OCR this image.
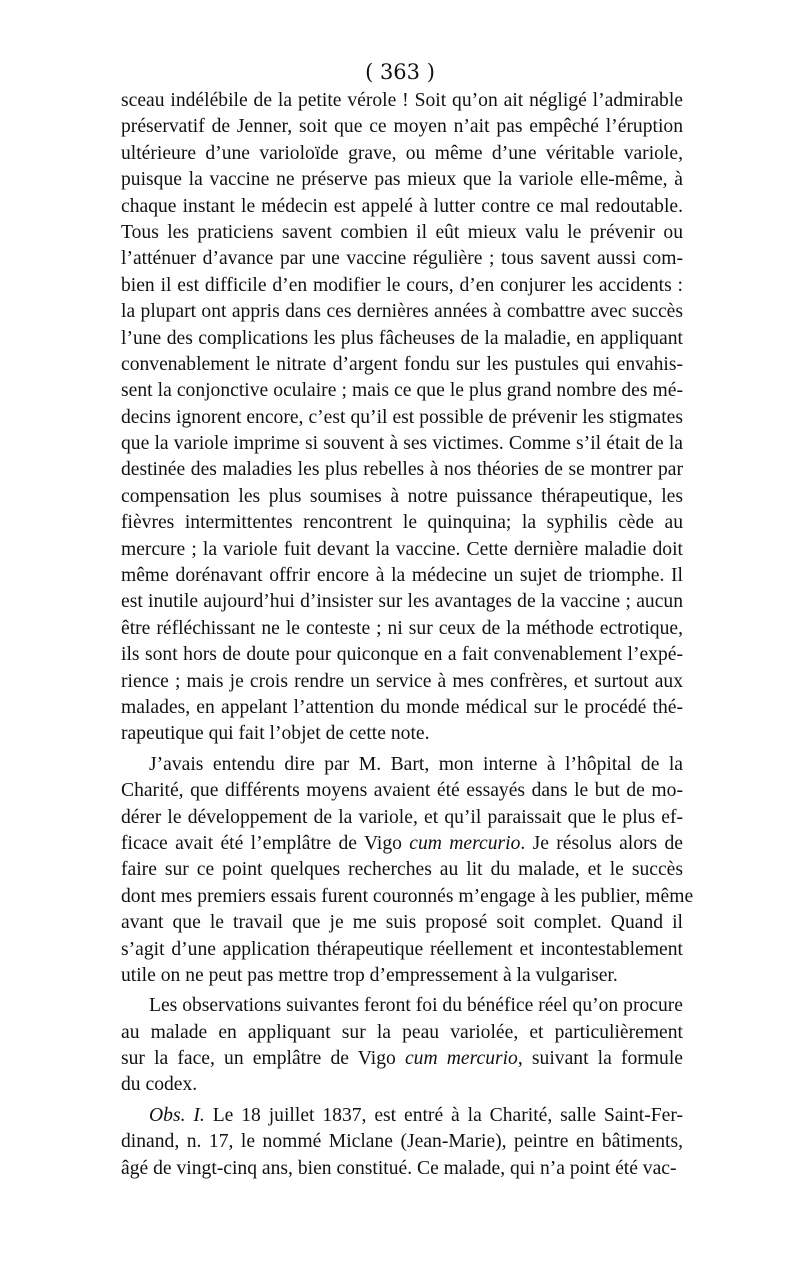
( 363 )
sceau indélébile de la petite vérole ! Soit qu’on ait négligé l’admirable
préservatif de Jenner, soit que ce moyen n’ait pas empêché l’éruption
ultérieure d’une varioloïde grave, ou même d’une véritable variole,
puisque la vaccine ne préserve pas mieux que la variole elle-même, à
chaque instant le médecin est appelé à lutter contre ce mal redoutable.
Tous les praticiens savent combien il eût mieux valu le prévenir ou
l’atténuer d’avance par une vaccine régulière ; tous savent aussi com-
bien il est difficile d’en modifier le cours, d’en conjurer les accidents :
la plupart ont appris dans ces dernières années à combattre avec succès
l’une des complications les plus fâcheuses de la maladie, en appliquant
convenablement le nitrate d’argent fondu sur les pustules qui envahis-
sent la conjonctive oculaire ; mais ce que le plus grand nombre des mé-
decins ignorent encore, c’est qu’il est possible de prévenir les stigmates
que la variole imprime si souvent à ses victimes. Comme s’il était de la
destinée des maladies les plus rebelles à nos théories de se montrer par
compensation les plus soumises à notre puissance thérapeutique, les
fièvres intermittentes rencontrent le quinquina; la syphilis cède au
mercure ; la variole fuit devant la vaccine. Cette dernière maladie doit
même dorénavant offrir encore à la médecine un sujet de triomphe. Il
est inutile aujourd’hui d’insister sur les avantages de la vaccine ; aucun
être réfléchissant ne le conteste ; ni sur ceux de la méthode ectrotique,
ils sont hors de doute pour quiconque en a fait convenablement l’expé-
rience ; mais je crois rendre un service à mes confrères, et surtout aux
malades, en appelant l’attention du monde médical sur le procédé thé-
rapeutique qui fait l’objet de cette note.
J’avais entendu dire par M. Bart, mon interne à l’hôpital de la
Charité, que différents moyens avaient été essayés dans le but de mo-
dérer le développement de la variole, et qu’il paraissait que le plus ef-
ficace avait été l’emplâtre de Vigo cum mercurio. Je résolus alors de
faire sur ce point quelques recherches au lit du malade, et le succès
dont mes premiers essais furent couronnés m’engage à les publier, même
avant que le travail que je me suis proposé soit complet. Quand il
s’agit d’une application thérapeutique réellement et incontestablement
utile on ne peut pas mettre trop d’empressement à la vulgariser.
Les observations suivantes feront foi du bénéfice réel qu’on procure
au malade en appliquant sur la peau variolée, et particulièrement
sur la face, un emplâtre de Vigo cum mercurio, suivant la formule
du codex.
Obs. I. Le 18 juillet 1837, est entré à la Charité, salle Saint-Fer-
dinand, n. 17, le nommé Miclane (Jean-Marie), peintre en bâtiments,
âgé de vingt-cinq ans, bien constitué. Ce malade, qui n’a point été vac-
